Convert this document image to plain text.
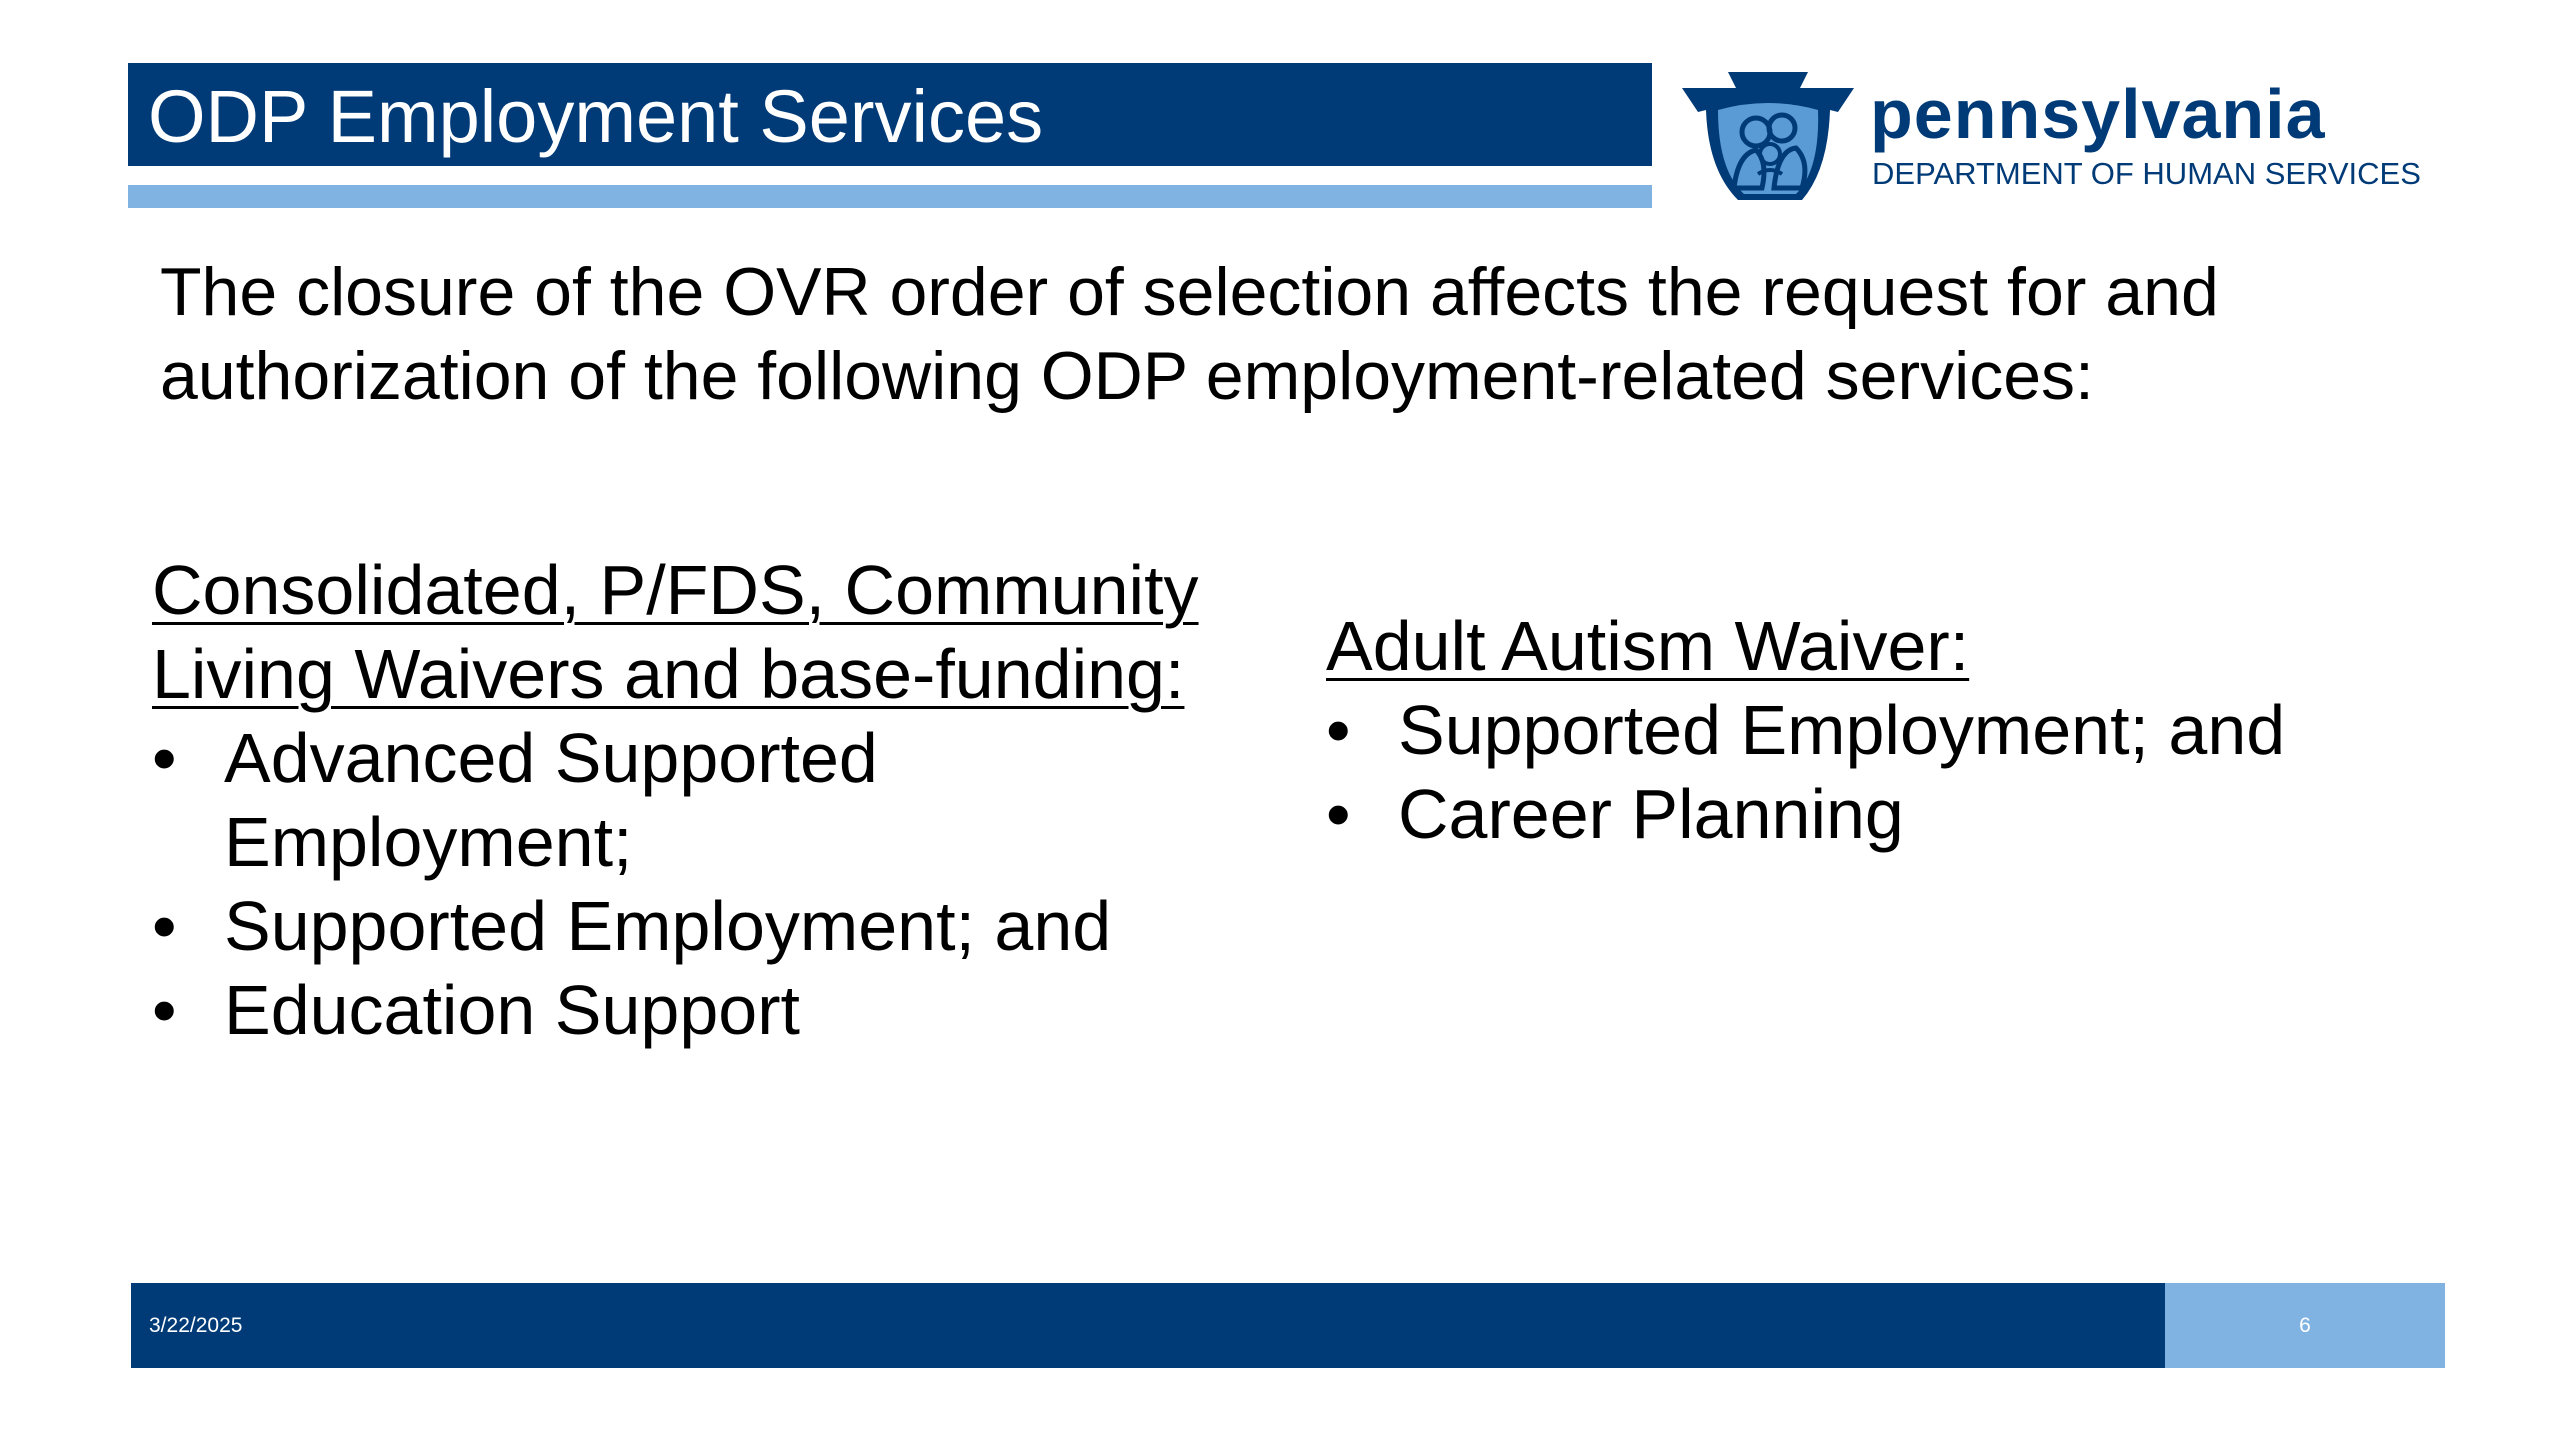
ODP Employment Services	pennsylvania
DEPARTMENT OF HUMAN SERVICES
The closure of the OVR order of selection affects the request for and
authorization of the following ODP employment-related services:
Consolidated, P/FDS, Community
Living Waivers and base-funding:
• Advanced Supported
Employment;
• Supported Employment; and
• Education Support
Adult Autism Waiver:
• Supported Employment; and
• Career Planning
3/22/2025	6
